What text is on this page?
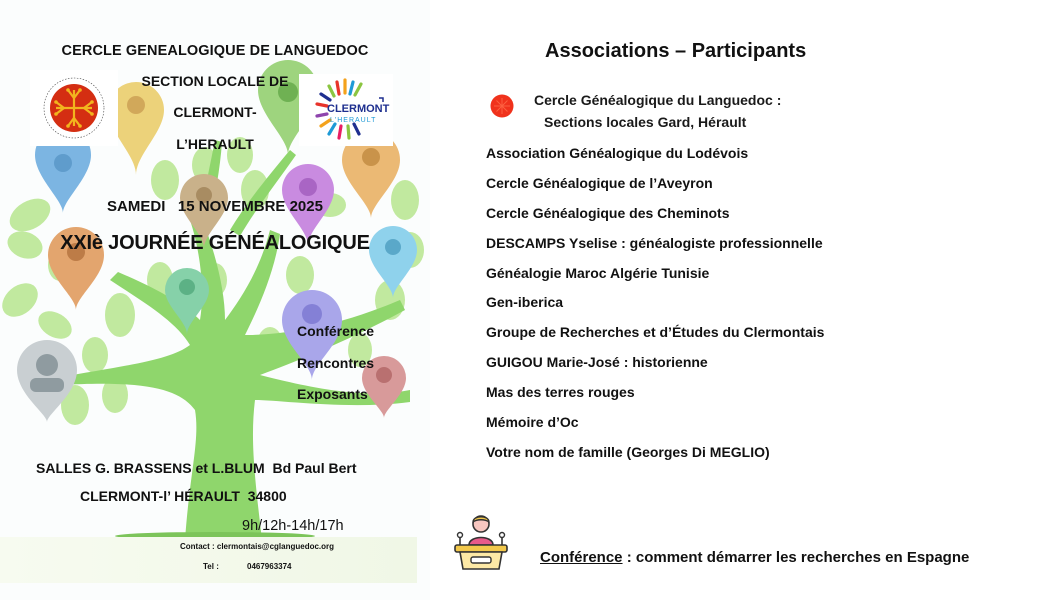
CLERMONT
L'HERAULT
CERCLE GENEALOGIQUE DE LANGUEDOC
SECTION LOCALE DE
CLERMONT-
L’HERAULT
SAMEDI   15 NOVEMBRE 2025
XXIè JOURNÉE GÉNÉALOGIQUE
Conférence
Rencontres
Exposants
SALLES G. BRASSENS et L.BLUM  Bd Paul Bert
CLERMONT-l’ HÉRAULT  34800
9h/12h-14h/17h
Contact : clermontais@cglanguedoc.org
Tel :	0467963374
Associations – Participants
Cercle Généalogique du Languedoc :
Sections locales Gard, Hérault
Association Généalogique du Lodévois
Cercle Généalogique de l’Aveyron
Cercle Généalogique des Cheminots
DESCAMPS Yselise : généalogiste professionnelle
Généalogie Maroc Algérie Tunisie
Gen-iberica
Groupe de Recherches et d’Études du Clermontais
GUIGOU Marie-José : historienne
Mas des terres rouges
Mémoire d’Oc
Votre nom de famille (Georges Di MEGLIO)
Conférence : comment démarrer les recherches en Espagne
